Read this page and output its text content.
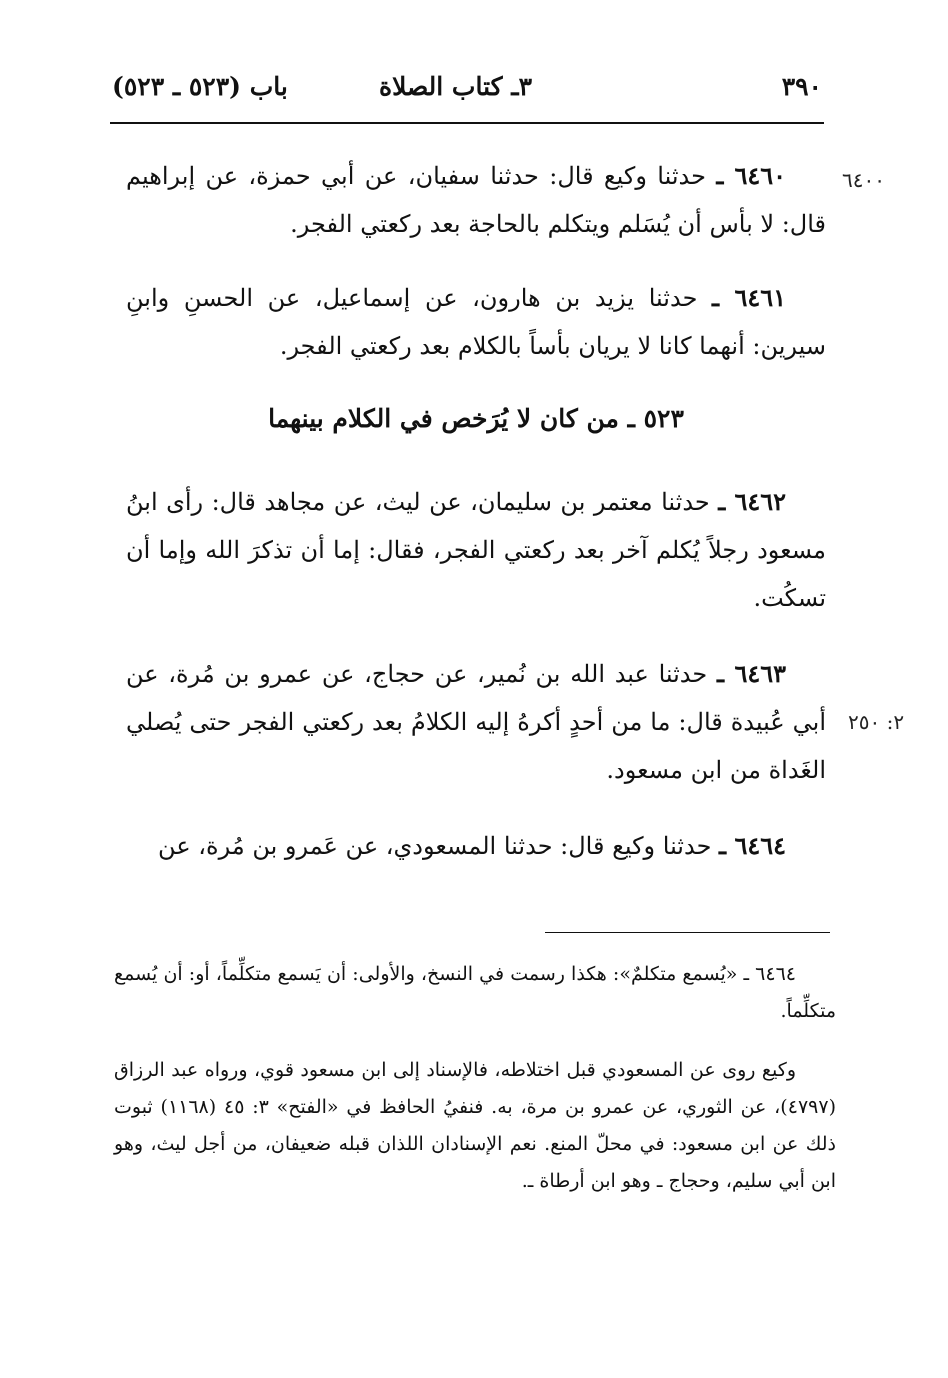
٣٩٠
٣ـ كتاب الصلاة
باب (٥٢٣ ـ ٥٢٣)
٦٤٠٠
٢: ٢٥٠

٦٤٦٠ ـ حدثنا وكيع قال: حدثنا سفيان، عن أبي حمزة، عن إبراهيم قال: لا بأس أن يُسَلم ويتكلم بالحاجة بعد ركعتي الفجر.

٦٤٦١ ـ حدثنا يزيد بن هارون، عن إسماعيل، عن الحسنِ وابنِ سيرين: أنهما كانا لا يريان بأساً بالكلام بعد ركعتي الفجر.

٥٢٣ ـ من كان لا يُرَخص في الكلام بينهما

٦٤٦٢ ـ حدثنا معتمر بن سليمان، عن ليث، عن مجاهد قال: رأى ابنُ مسعود رجلاً يُكلم آخر بعد ركعتي الفجر، فقال: إما أن تذكرَ الله وإما أن تسكُت.

٦٤٦٣ ـ حدثنا عبد الله بن نُمير، عن حجاج، عن عمرو بن مُرة، عن أبي عُبيدة قال: ما من أحدٍ أكرهُ إليه الكلامُ بعد ركعتي الفجر حتى يُصلي الغَداة من ابن مسعود.

٦٤٦٤ ـ حدثنا وكيع قال: حدثنا المسعودي، عن عَمرو بن مُرة، عن

٦٤٦٤ ـ «يُسمع متكلمٌ»: هكذا رسمت في النسخ، والأولى: أن يَسمع متكلِّماً، أو: أن يُسمع متكلِّماً.

وكيع روى عن المسعودي قبل اختلاطه، فالإسناد إلى ابن مسعود قوي، ورواه عبد الرزاق (٤٧٩٧)، عن الثوري، عن عمرو بن مرة، به. فنفيُ الحافظ في «الفتح» ٣: ٤٥ (١١٦٨) ثبوت ذلك عن ابن مسعود: في محلّ المنع. نعم الإسنادان اللذان قبله ضعيفان، من أجل ليث، وهو ابن أبي سليم، وحجاج ـ وهو ابن أرطاة ـ.
